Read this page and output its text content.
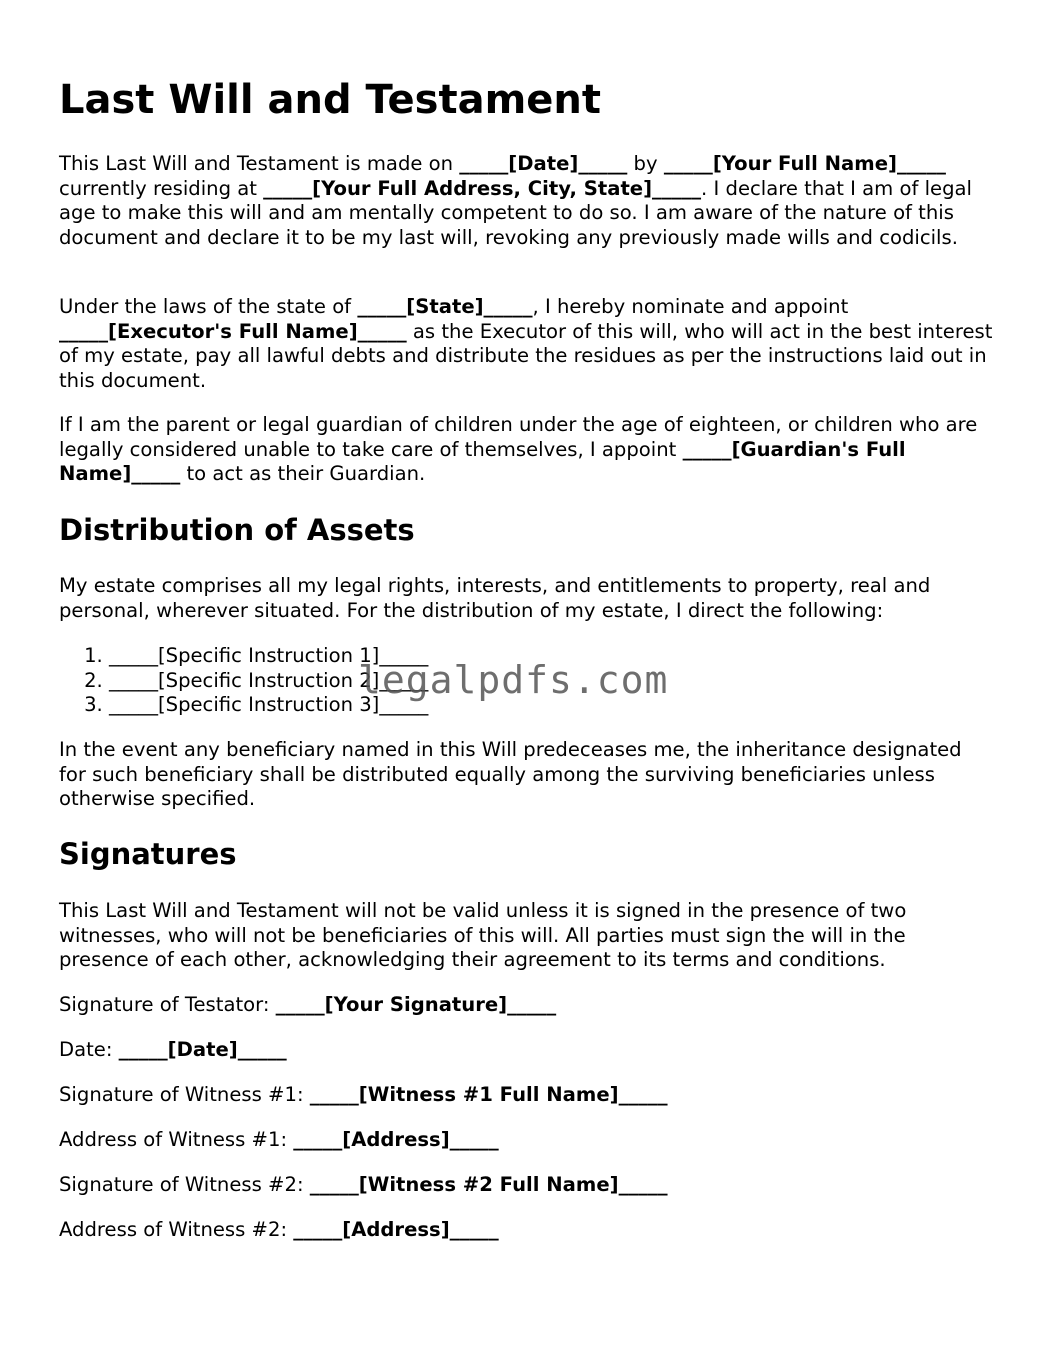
Last Will and Testament

This Last Will and Testament is made on _____[Date]_____ by _____[Your Full Name]_____ currently residing at _____[Your Full Address, City, State]_____. I declare that I am of legal age to make this will and am mentally competent to do so. I am aware of the nature of this document and declare it to be my last will, revoking any previously made wills and codicils.

Under the laws of the state of _____[State]_____, I hereby nominate and appoint _____[Executor's Full Name]_____ as the Executor of this will, who will act in the best interest of my estate, pay all lawful debts and distribute the residues as per the instructions laid out in this document.

If I am the parent or legal guardian of children under the age of eighteen, or children who are legally considered unable to take care of themselves, I appoint _____[Guardian's Full Name]_____ to act as their Guardian.

Distribution of Assets

My estate comprises all my legal rights, interests, and entitlements to property, real and personal, wherever situated. For the distribution of my estate, I direct the following:

1. _____[Specific Instruction 1]_____
2. _____[Specific Instruction 2]_____
3. _____[Specific Instruction 3]_____

In the event any beneficiary named in this Will predeceases me, the inheritance designated for such beneficiary shall be distributed equally among the surviving beneficiaries unless otherwise specified.

Signatures

This Last Will and Testament will not be valid unless it is signed in the presence of two witnesses, who will not be beneficiaries of this will. All parties must sign the will in the presence of each other, acknowledging their agreement to its terms and conditions.

Signature of Testator: _____[Your Signature]_____

Date: _____[Date]_____

Signature of Witness #1: _____[Witness #1 Full Name]_____

Address of Witness #1: _____[Address]_____

Signature of Witness #2: _____[Witness #2 Full Name]_____

Address of Witness #2: _____[Address]_____

legalpdfs.com
